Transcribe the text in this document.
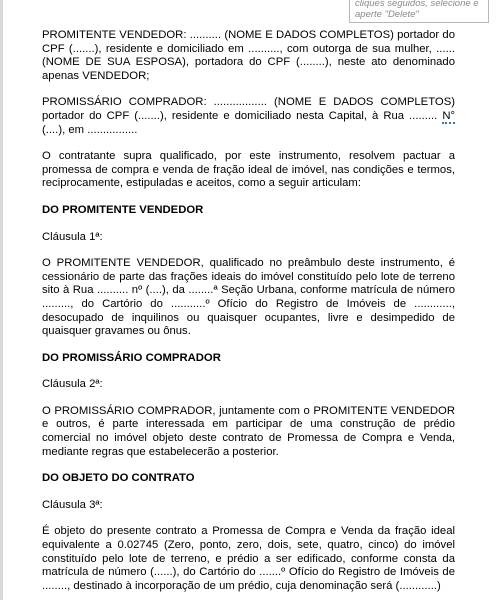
cliques seguidos, selecione e aperte "Delete"

PROMITENTE VENDEDOR: .......... (NOME E DADOS COMPLETOS) portador do CPF (.......), residente e domiciliado em .........., com outorga de sua mulher, ...... (NOME DE SUA ESPOSA), portadora do CPF (........), neste ato denominado apenas VENDEDOR;

PROMISSÁRIO COMPRADOR: ................. (NOME E DADOS COMPLETOS) portador do CPF (.......), residente e domiciliado nesta Capital, à Rua ......... N°(....), em ................

O contratante supra qualificado, por este instrumento, resolvem pactuar a promessa de compra e venda de fração ideal de imóvel, nas condições e termos, reciprocamente, estipuladas e aceitos, como a seguir articulam:

DO PROMITENTE VENDEDOR

Cláusula 1ª:

O PROMITENTE VENDEDOR, qualificado no preâmbulo deste instrumento, é cessionário de parte das frações ideais do imóvel constituído pelo lote de terreno sito à Rua .......... nº (....), da ........ª Seção Urbana, conforme matrícula de número ........., do Cartório do ...........º Ofício do Registro de Imóveis de ............, desocupado de inquilinos ou quaisquer ocupantes, livre e desimpedido de quaisquer gravames ou ônus.

DO PROMISSÁRIO COMPRADOR

Cláusula 2ª:

O PROMISSÁRIO COMPRADOR, juntamente com o PROMITENTE VENDEDOR e outros, é parte interessada em participar de uma construção de prédio comercial no imóvel objeto deste contrato de Promessa de Compra e Venda, mediante regras que estabelecerão a posterior.

DO OBJETO DO CONTRATO

Cláusula 3ª:

É objeto do presente contrato a Promessa de Compra e Venda da fração ideal equivalente a 0.02745 (Zero, ponto, zero, dois, sete, quatro, cinco) do imóvel constituído pelo lote de terreno, e prédio a ser edificado, conforme consta da matrícula de número (......), do Cartório do .......º Ofício do Registro de Imóveis de ........, destinado à incorporação de um prédio, cuja denominação será (............)
